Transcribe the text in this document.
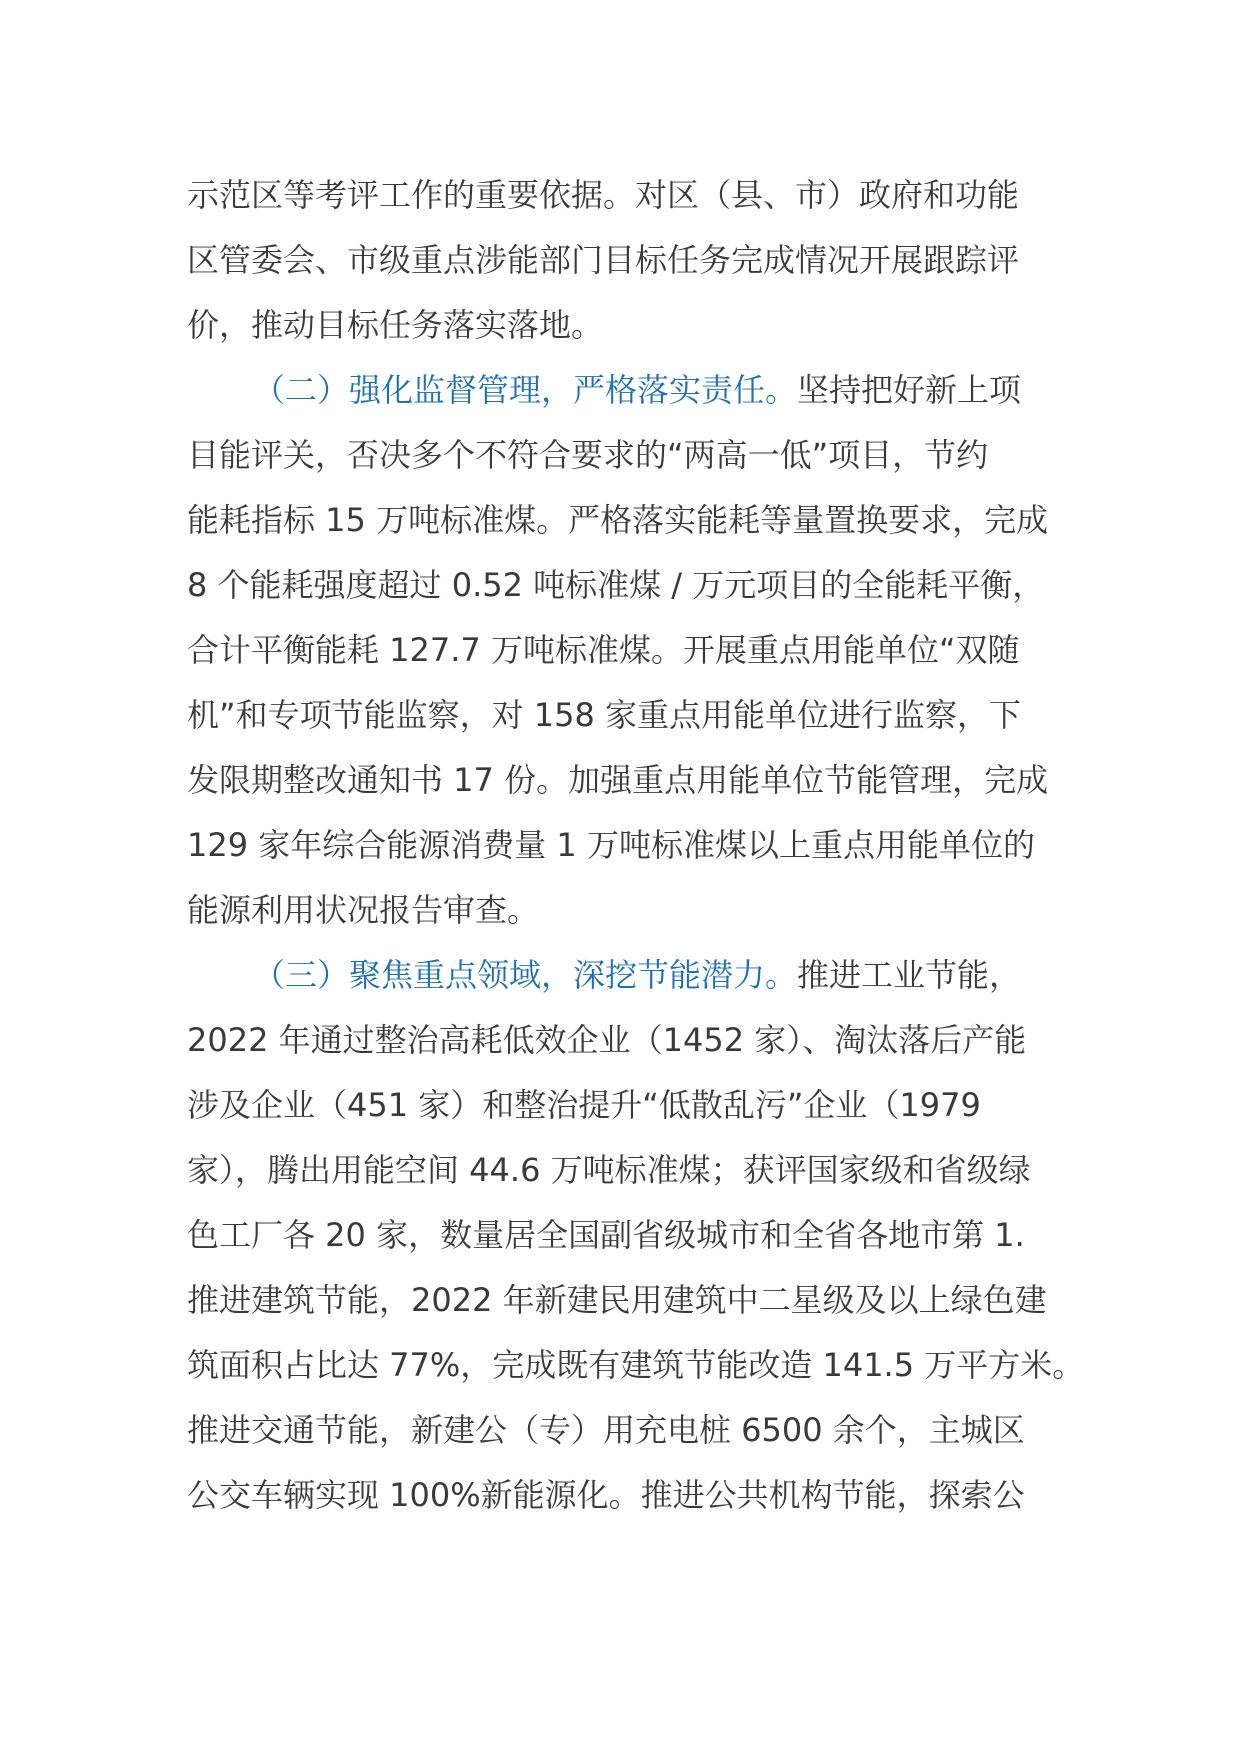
示范区等考评工作的重要依据。对区（县、市）政府和功能
区管委会、市级重点涉能部门目标任务完成情况开展跟踪评
价，推动目标任务落实落地。
（二）强化监督管理，严格落实责任。坚持把好新上项
目能评关，否决多个不符合要求的“两高一低”项目，节约
能耗指标 15 万吨标准煤。严格落实能耗等量置换要求，完成
8 个能耗强度超过 0.52 吨标准煤 / 万元项目的全能耗平衡，
合计平衡能耗 127.7 万吨标准煤。开展重点用能单位“双随
机”和专项节能监察，对 158 家重点用能单位进行监察，下
发限期整改通知书 17 份。加强重点用能单位节能管理，完成
129 家年综合能源消费量 1 万吨标准煤以上重点用能单位的
能源利用状况报告审查。
（三）聚焦重点领域，深挖节能潜力。推进工业节能，
2022 年通过整治高耗低效企业（1452 家）、淘汰落后产能
涉及企业（451 家）和整治提升“低散乱污”企业（1979
家），腾出用能空间 44.6 万吨标准煤；获评国家级和省级绿
色工厂各 20 家，数量居全国副省级城市和全省各地市第 1.
推进建筑节能，2022 年新建民用建筑中二星级及以上绿色建
筑面积占比达 77%，完成既有建筑节能改造 141.5 万平方米。
推进交通节能，新建公（专）用充电桩 6500 余个，主城区
公交车辆实现 100%新能源化。推进公共机构节能，探索公
